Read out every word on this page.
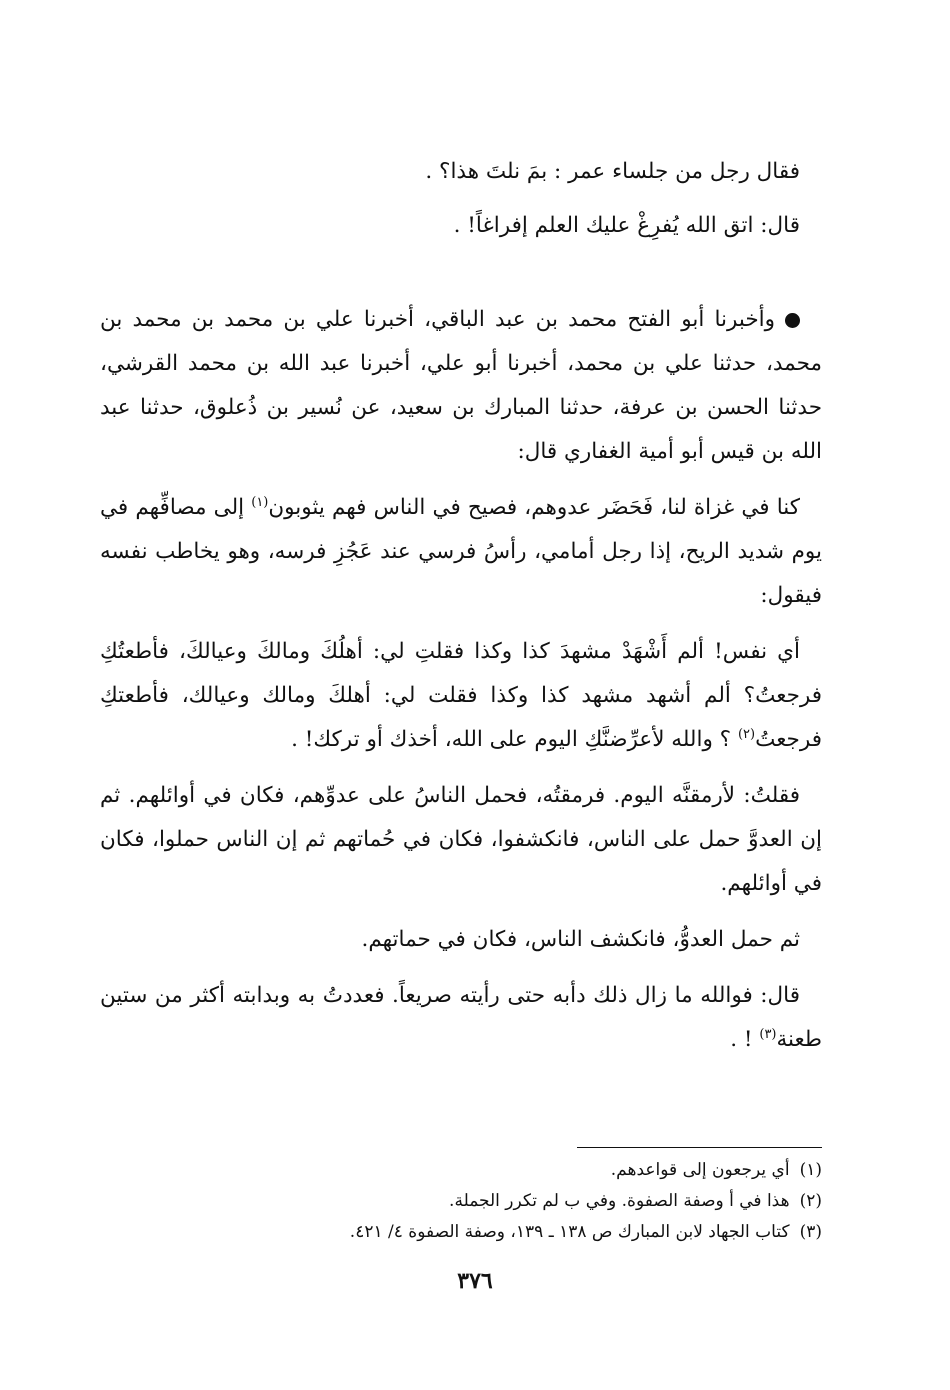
فقال رجل من جلساء عمر : بمَ نلتَ هذا؟ .

قال: اتق الله يُفرِغْ عليك العلم إفراغاً! .

وأخبرنا أبو الفتح محمد بن عبد الباقي، أخبرنا علي بن محمد بن محمد بن محمد، حدثنا علي بن محمد، أخبرنا أبو علي، أخبرنا عبد الله بن محمد القرشي، حدثنا الحسن بن عرفة، حدثنا المبارك بن سعيد، عن نُسير بن ذُعلوق، حدثنا عبد الله بن قيس أبو أمية الغفاري قال:

كنا في غزاة لنا، فَحَضَر عدوهم، فصيح في الناس فهم يثوبون$^{(١)}$ إلى مصافِّهم في يوم شديد الريح، إذا رجل أمامي، رأسُ فرسي عند عَجُزِ فرسه، وهو يخاطب نفسه فيقول:

أي نفس! ألم أَشْهَدْ مشهدَ كذا وكذا فقلتِ لي: أهلُكَ ومالكَ وعيالكَ، فأطعتُكِ فرجعتُ؟ ألم أشهد مشهد كذا وكذا فقلت لي: أهلكَ ومالك وعيالك، فأطعتكِ فرجعتُ$^{(٢)}$ ؟ والله لأعرِّضنَّكِ اليوم على الله، أخذك أو تركك! .

فقلتُ: لأرمقنَّه اليوم. فرمقتُه، فحمل الناسُ على عدوِّهم، فكان في أوائلهم. ثم إن العدوَّ حمل على الناس، فانكشفوا، فكان في حُماتهم ثم إن الناس حملوا، فكان في أوائلهم.

ثم حمل العدوُّ، فانكشف الناس، فكان في حماتهم.

قال: فوالله ما زال ذلك دأبه حتى رأيته صريعاً. فعددتُ به وبدابته أكثر من ستين طعنة$^{(٣)}$ ! .

(١)أي يرجعون إلى قواعدهم.

(٢)هذا في أ وصفة الصفوة. وفي ب لم تكرر الجملة.

(٣)كتاب الجهاد لابن المبارك ص ١٣٨ ـ ١٣٩، وصفة الصفوة ٤/ ٤٢١.

٣٧٦
